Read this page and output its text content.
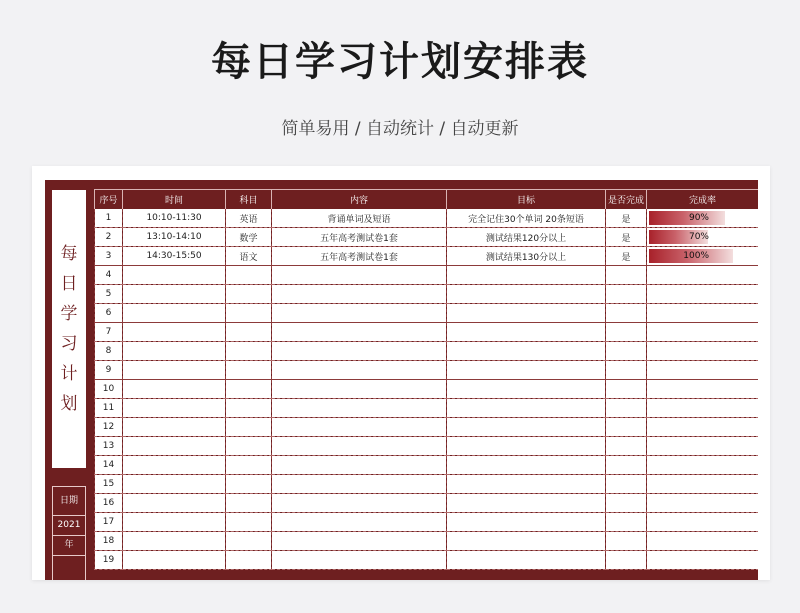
每日学习计划安排表
简单易用 / 自动统计 / 自动更新
每
日
学
习
计
划
日期
2021
年
序号	时间	科目	内容	目标	是否完成	完成率
1	10:10-11:30	英语	背诵单词及短语	完全记住30个单词 20条短语	是	90%

2	13:10-14:10	数学	五年高考测试卷1套	测试结果120分以上	是	70%

3	14:30-15:50	语文	五年高考测试卷1套	测试结果130分以上	是	100%

4						
5						
6						
7						
8						
9						
10						
11						
12						
13						
14						
15						
16						
17						
18						
19						
